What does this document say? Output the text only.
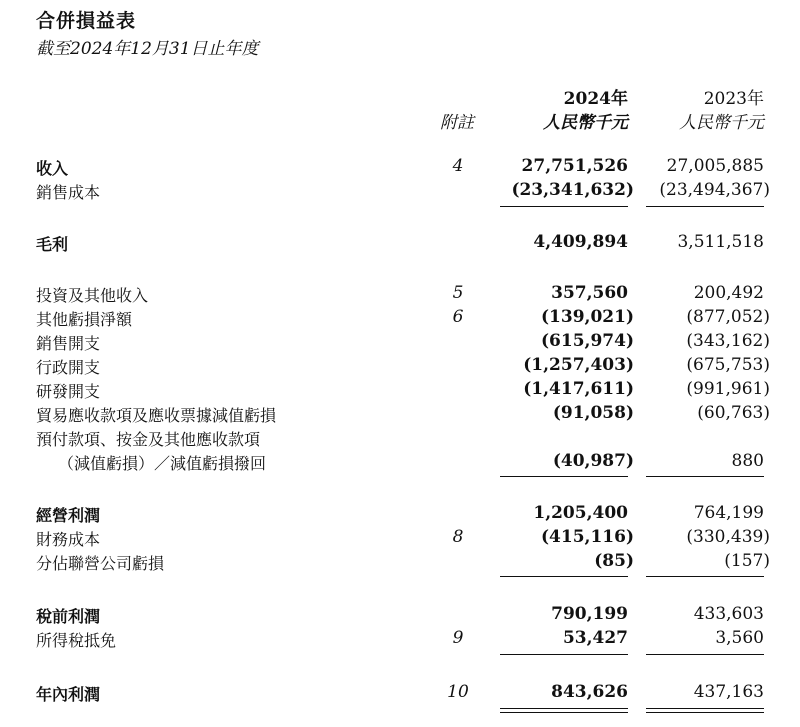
合併損益表
截至2024年12月31日止年度
2024年	2023年
附註	人民幣千元	人民幣千元
收入	4	27,751,526 27,005,885
銷售成本	(23,341,632) (23,494,367)
毛利	4,409,894	3,511,518
投資及其他收入	5	357,560	200,492
其他虧損淨額	6	(139,021)	(877,052)
銷售開支	(615,974)	(343,162)
行政開支	(1,257,403)	(675,753)
研發開支	(1,417,611)	(991,961)
貿易應收款項及應收票據減值虧損	(91,058)	(60,763)
預付款項、按金及其他應收款項
（減值虧損）／減值虧損撥回	(40,987)	880
經營利潤	1,205,400	764,199
財務成本	8	(415,116)	(330,439)
分佔聯營公司虧損	(85)	(157)
稅前利潤	790,199	433,603
所得稅抵免	9	53,427	3,560
年內利潤	10	843,626	437,163
